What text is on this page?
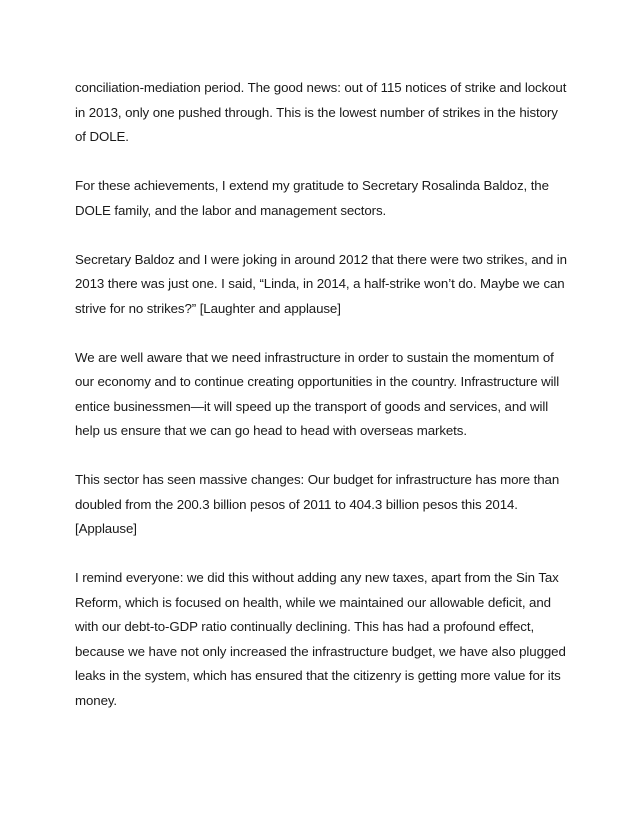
conciliation-mediation period. The good news: out of 115 notices of strike and lockout in 2013, only one pushed through. This is the lowest number of strikes in the history of DOLE.

For these achievements, I extend my gratitude to Secretary Rosalinda Baldoz, the DOLE family, and the labor and management sectors.

Secretary Baldoz and I were joking in around 2012 that there were two strikes, and in 2013 there was just one. I said, “Linda, in 2014, a half-strike won’t do. Maybe we can strive for no strikes?” [Laughter and applause]

We are well aware that we need infrastructure in order to sustain the momentum of our economy and to continue creating opportunities in the country. Infrastructure will entice businessmen—it will speed up the transport of goods and services, and will help us ensure that we can go head to head with overseas markets.

This sector has seen massive changes: Our budget for infrastructure has more than doubled from the 200.3 billion pesos of 2011 to 404.3 billion pesos this 2014. [Applause]

I remind everyone: we did this without adding any new taxes, apart from the Sin Tax Reform, which is focused on health, while we maintained our allowable deficit, and with our debt-to-GDP ratio continually declining. This has had a profound effect, because we have not only increased the infrastructure budget, we have also plugged leaks in the system, which has ensured that the citizenry is getting more value for its money.
